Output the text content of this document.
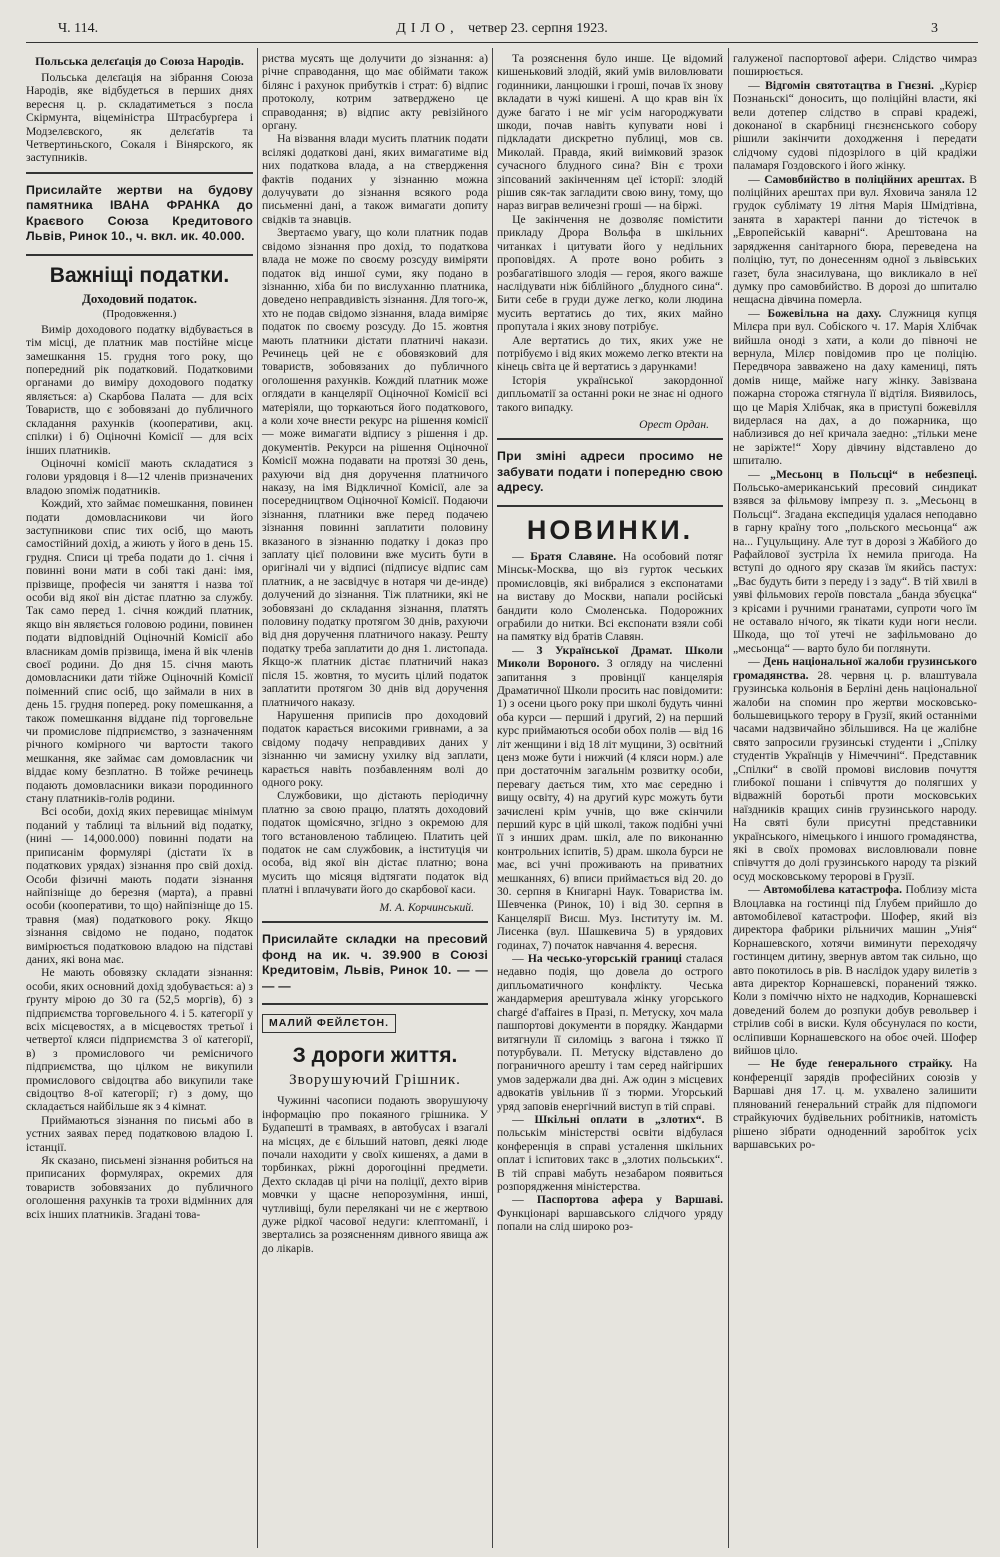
Ч. 114.	ДІЛО, четвер 23. серпня 1923.	3
Польська делєґація до Союза Народів.

Польська делєґація на зібрання Союза Народів, яке відбудеться в перших днях вересня ц. р. складатиметься з посла Скірмунта, віцеміністра Штрасбурґера і Модзелєвского, як делєґатів та Четвертиньского, Сокаля і Вінярского, як заступників.

Присилайте жертви на будову памятника ІВАНА ФРАНКА до Краєвого Союза Кредитового Львів, Ринок 10., ч. вкл. ик. 40.000.
Важніщі податки.
Доходовий податок.
(Продовження.)

Вимір доходового податку відбувається в тім місці, де платник мав постійне місце замешкання 15. грудня того року, що попередний рік податковий. Податковими органами до виміру доходового податку являється: а) Скарбова Палата — для всіх Товариств, що є зобовязані до публичного складання рахунків (кооперативи, акц. спілки) і б) Оціночні Комісії — для всіх інших платників.

Оціночні комісії мають складатися з голови урядовця і 8—12 членів призначених владою зпоміж податників.

Кождий, хто займає помешкання, повинен подати домовласникови чи його заступникови спис тих осіб, що мають самостійний дохід, а жиють у його в день 15. грудня. Списи ці треба подати до 1. січня і повинні вони мати в собі такі дані: імя, прізвище, професія чи заняття і назва тої особи від якої він дістає платню за службу. Так само перед 1. січня кождий платник, якщо він являється головою родини, повинен подати відповідній Оціночній Комісії або власникам домів прізвища, імена й вік членів своєї родини. До дня 15. січня мають домовласники дати тійже Оціночній Комісії поіменний спис осіб, що займали в них в день 15. грудня поперед. року помешкання, а також помешкання віддане під торговельне чи промислове підприємство, з зазначенням річного комірного чи вартости такого мешкання, яке займає сам домовласник чи віддає кому безплатно. В тойже речинець подають домовласники викази породинного стану платників-голів родини.

Всі особи, дохід яких перевищає мінімум поданий у таблиці та вільний від податку, (нині — 14,000.000) повинні подати на приписанім формулярі (дістати їх в податкових урядах) зізнання про свій дохід. Особи фізичні мають подати зізнання найпізніще до березня (марта), а правні особи (кооперативи, то що) найпізніще до 15. травня (мая) податкового року. Якщо зізнання свідомо не подано, податок вимірюється податковою владою на підставі даних, які вона має.

Не мають обовязку складати зізнання: особи, яких основний дохід здобувається: а) з ґрунту мірою до 30 га (52,5 моргів), б) з підприємства торговельного 4. і 5. категорії у всіх місцевостях, а в місцевостях третьої і четвертої кляси підприємства 3 ої категорії, в) з промислового чи ремісничого підприємства, що цілком не викупили промислового свідоцтва або викупили таке свідоцтво 8-ої категорії; г) з дому, що складається найбільше як з 4 кімнат.

Приймаються зізнання по письмі або в устних заявах перед податковою владою І. істанції.

Як сказано, письмені зізнання робиться на приписаних формулярах, окремих для товариств зобовязаних до публичного оголошення рахунків та трохи відмінних для всіх інших платників. Згадані това-

риства мусять ще долучити до зізнання: а) річне справодання, що має обіймати також білянс і рахунок прибутків і страт: б) відпис протоколу, котрим затверджено це справодання; в) відпис акту ревізійного органу.

На візвання влади мусить платник подати всілякі додаткові дані, яких вимагатиме від них податкова влада, а на ствердження фактів поданих у зізнанню можна долучувати до зізнання всякого рода письменні дані, а також вимагати допиту свідків та знавців.

Звертаємо увагу, що коли платник подав свідомо зізнання про дохід, то податкова влада не може по своєму розсуду виміряти податок від иншої суми, яку подано в зізнанню, хіба би по вислуханню платника, доведено неправдивість зізнання. Для того-ж, хто не подав свідомо зізнання, влада виміряє податок по своєму розсуду. До 15. жовтня мають платники дістати платничі накази. Речинець цей не є обовязковий для товариств, зобовязаних до публичного оголошення рахунків. Кождий платник може оглядати в канцелярії Оціночної Комісії всі матеріяли, що торкаються його податкового, а коли хоче внести рекурс на рішення комісії — може вимагати відпису з рішення і др. документів. Рекурси на рішення Оціночної Комісії можна подавати на протязі 30 день, рахуючи від дня доручення платничого наказу, на імя Відкличної Комісії, але за посередництвом Оціночної Комісії. Подаючи зізнання, платники вже перед подачею зізнання повинні заплатити половину вказаного в зізнанню податку і доказ про заплату цієї половини вже мусить бути в оригіналі чи у відписі (підписує відпис сам платник, а не засвідчує в нотаря чи де-инде) долучений до зізнання. Тіж платники, які не зобовязані до складання зізнання, платять половину податку протягом 30 днів, рахуючи від дня доручення платничого наказу. Решту податку треба заплатити до дня 1. листопада. Якщо-ж платник дістає платничий наказ після 15. жовтня, то мусить цілий податок заплатити протягом 30 днів від доручення платничого наказу.

Нарушення приписів про доходовий податок карається високими гривнами, а за свідому подачу неправдивих даних у зізнанню чи замисну ухилку від заплати, карається навіть позбавленням волі до одного року.

Службовики, що дістають періодичну платню за свою працю, платять доходовий податок щомісячно, згідно з окремою для того встановленою таблицею. Платить цей податок не сам службовик, а інституція чи особа, від якої він дістає платню; вона мусить що місяця відтягати податок від платні і вплачувати його до скарбової каси.

М. А. Корчинський.
Присилайте складки на пресовий фонд на ик. ч. 39.900 в Союзі Кредитовім, Львів, Ринок 10. — — — —
МАЛИЙ ФЕЙЛЄТОН.
З дороги життя.
Зворушуючий Грішник.

Чужинні часописи подають зворушуючу інформацію про покаяного грішника. У Будапешті в трамваях, в автобусах і взагалі на місцях, де є більший натовп, деякі люде почали находити у своїх кишенях, а дами в торбинках, ріжні дорогоцінні предмети. Дехто складав ці річи на поліції, дехто вірив мовчки у щасне непорозуміння, инші, чутливіщі, були перелякані чи не є жертвою дуже рідкої часової недуги: клептоманії, і звертались за розясненням дивного явища аж до лікарів.

Та розяснення було инше. Це відомий кишеньковий злодій, який умів виловлювати годинники, ланцюшки і гроші, почав їх знову вкладати в чужі кишені. А що крав він їх дуже багато і не міг усім нагороджувати шкоди, почав навіть купувати нові і підкладати дискретно публиці, мов св. Миколай. Правда, який виімковий зразок сучасного блудного сина? Він є трохи зіпсований закінченням цеї історії: злодій рішив сяк-так загладити свою вину, тому, що нараз виграв величезні гроші — на біржі.

Це закінчення не дозволяє помістити прикладу Дрора Вольфа в шкільних читанках і цитувати його у недільних проповідях. А проте воно робить з розбагатівшого злодія — героя, якого важше наслідувати ніж біблійного „блудного сина“. Бити себе в груди дуже легко, коли людина мусить вертатись до тих, яких майно пропутала і яких знову потрібує.

Але вертатись до тих, яких уже не потрібуємо і від яких можемо легко втекти на кінець світа це й вертатись з дарунками!

Історія української закордонної дипльоматії за останні роки не знає ні одного такого випадку.

Орест Ордан.
При зміні адреси просимо не забувати подати і попередню свою адресу.
НОВИНКИ.

— Братя Славяне. На особовий потяг Мінськ-Москва, що віз гурток чеських промисловців, які вибралися з експонатами на виставу до Москви, напали російські бандити коло Смоленська. Подорожних ограбили до нитки. Всі експонати взяли собі на памятку від братів Славян.

— З Української Драмат. Школи Миколи Вороного. З огляду на численні запитання з провінції канцелярія Драматичної Школи просить нас повідомити: 1) з осени цього року при школі будуть чинні оба курси — перший і другий, 2) на перший курс приймаються особи обох полів — від 16 літ женщини і від 18 літ мущини, 3) освітний ценз може бути і нижчий (4 кляси норм.) але при достаточнім загальнім розвитку особи, перевагу дається тим, хто має середню і вищу освіту, 4) на другий курс можуть бути зачислені крім учнів, що вже скінчили перший курс в цій школі, також подібні учні її з инших драм. шкіл, але по виконанню контрольних іспитів, 5) драм. школа бурси не має, всі учні проживають на приватних мешканнях, 6) вписи приймається від 20. до 30. серпня в Книгарні Наук. Товариства ім. Шевченка (Ринок, 10) і від 30. серпня в Канцелярії Висш. Муз. Інституту ім. М. Лисенка (вул. Шашкевича 5) в урядових годинах, 7) початок навчання 4. вересня.

— На чесько-угорській границі сталася недавно подія, що довела до острого дипльоматичного конфлікту. Чеська жандармерия арештувала жінку угорського chargé d'affaires в Празі, п. Метуску, хоч мала пашпортові документи в порядку. Жандарми витягнули її силоміць з вагона і тяжко її потурбували. П. Метуску відставлено до пограничного арешту і там серед найгірших умов задержали два дні. Аж один з місцевих адвокатів увільнив її з тюрми. Угорський уряд заповів енергічний виступ в тій справі.

— Шкільні оплати в „злотих“. В польськім міністерстві освіти відбулася конференція в справі усталення шкільних оплат і іспитових такс в „злотих польських“. В тій справі мабуть незабаром появиться розпорядження міністерства.

— Паспортова афера у Варшаві. Функціонарі варшавського слідчого уряду попали на слід широко роз-

галуженої паспортової афери. Слідство чимраз поширюється.

— Відгомін святотацтва в Гнєзні. „Курієр Познаньскі“ доносить, що поліційні власти, які вели дотепер слідство в справі крадежі, доконаної в скарбниці гнєзнєнського собору рішили закінчити доходження і передати слідчому судові підозрілого в цій крадіжи паламаря Гоздовского і його жінку.

— Самовбийство в поліційних арештах. В поліційних арештах при вул. Яховича заняла 12 грудок сублімату 19 літня Марія Шмідтівна, занята в характері панни до тістечок в „Европейській каварні“. Арештована на зарядження санітарного бюра, переведена на поліцію, тут, по донесенням одної з львівських газет, була знасилувана, що викликало в неї думку про самовбийство. В дорозі до шпиталю нещасна дівчина померла.

— Божевільна на даху. Служниця купця Мілєра при вул. Собіского ч. 17. Марія Хлібчак вийшла оноді з хати, а коли до півночі не вернула, Мілєр повідомив про це поліцію. Передвчора завважено на даху камениці, пять домів нище, майже нагу жінку. Завізвана пожарна сторожа стягнула її відтіля. Виявилось, що це Марія Хлібчак, яка в приступі божевілля видерлася на дах, а до пожарника, що наблизився до неї кричала заедно: „тільки мене не заріжте!“ Хору дівчину відставлено до шпиталю.

— „Месьонц в Польсці“ в небезпеці. Польсько-американський пресовий синдикат взявся за фільмову імпрезу п. з. „Месьонц в Польсці“. Згадана експедиція удалася неподавно в гарну країну того „польского месьонца“ аж на... Гуцульщину. Але тут в дорозі з Жабйого до Рафайлової зустріла їх немила пригода. На вступі до одного яру сказав їм якийсь пастух: „Вас будуть бити з переду і з заду“. В тій хвилі в уяві фільмових героїв повстала „банда збуєцка“ з крісами і ручними гранатами, супроти чого їм не оставало нічого, як тікати куди ноги несли. Шкода, що тої утечі не зафільмовано до „месьонца“ — варто було би поглянути.

— День національної жалоби грузинського громадянства. 28. червня ц. р. влаштувала грузинська кольонія в Берліні день національної жалоби на спомин про жертви московсько-большевицького терору в Грузії, який останніми часами надзвичайно збільшився. На це жалібне свято запросили грузинські студенти і „Спілку студентів Українців у Німеччині“. Представник „Спілки“ в своїй промові висловив почуття глибокої пошани і співчуття до полягших у відважній боротьбі проти московських наїздників кращих синів грузинського народу. На святі були присутні представники українського, німецького і иншого громадянства, які в своїх промовах висловлювали повне співчуття до долі грузинського народу та різкий осуд московському теророві в Грузії.

— Автомобілева катастрофа. Поблизу міста Влоцлавка на гостинці під Ґлубем прийшло до автомобілевої катастрофи. Шофер, який віз директора фабрики рільничих машин „Унія“ Корнашевского, хотячи виминути переходячу гостинцем дитину, звернув автом так сильно, що авто покотилось в рів. В наслідок удару вилетів з авта директор Корнашевскі, поранений тяжко. Коли з поміччю ніхто не надходив, Корнашевскі доведений болем до розпуки добув револьвер і стрілив собі в виски. Куля обсунулася по кости, осліпивши Корнашевского на обоє очей. Шофер вийшов ціло.

— Не буде ґенерального страйку. На конференції зарядів професійних союзів у Варшаві дня 17. ц. м. ухвалено залишити плянований ґенеральний страйк для підпомоги страйкуючих будівельних робітників, натомість рішено зібрати одноденний заробіток усіх варшавських ро-
